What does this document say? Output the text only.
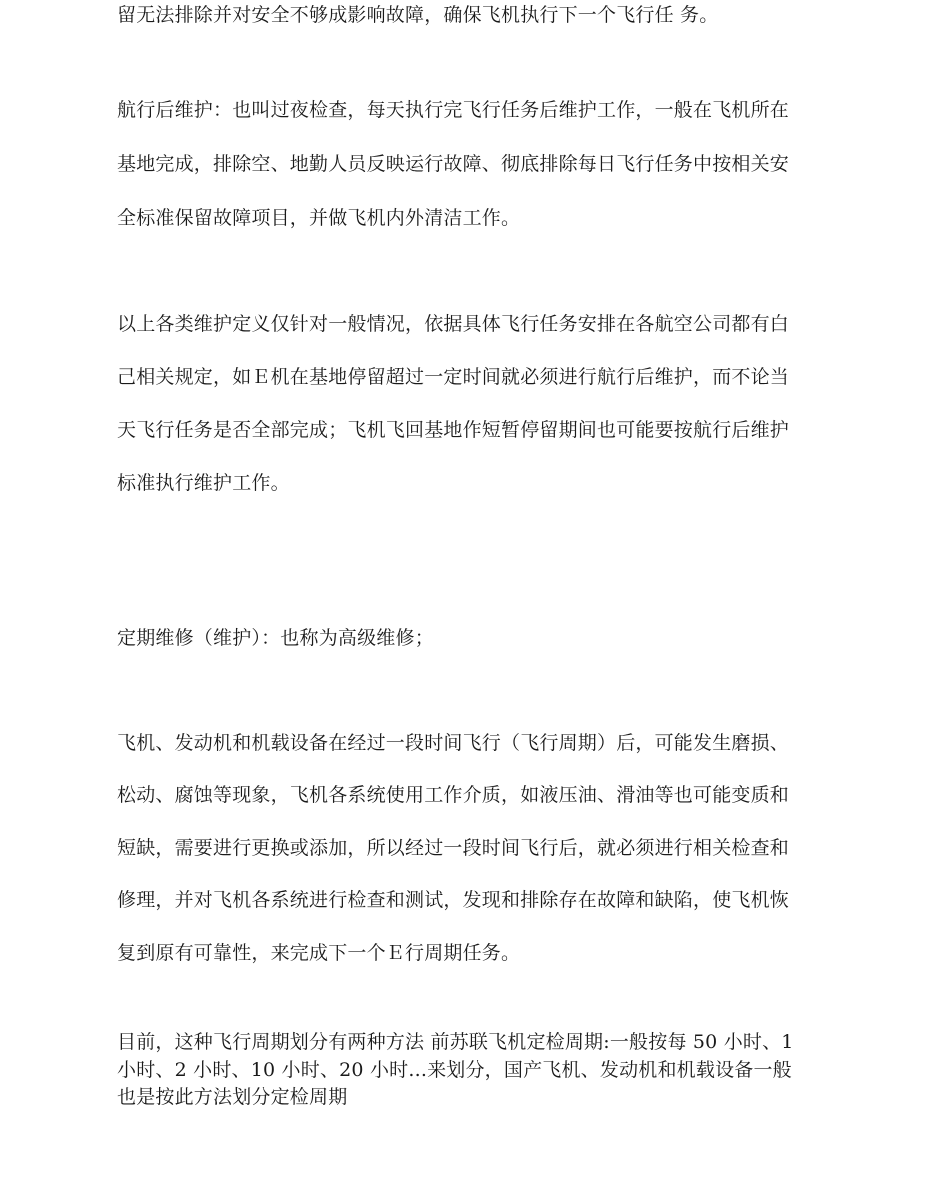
留无法排除并对安全不够成影响故障，确保飞机执行下一个飞行任 务。
航行后维护：也叫过夜检查，每天执行完飞行任务后维护工作，一般在飞机所在
基地完成，排除空、地勤人员反映运行故障、彻底排除每日飞行任务中按相关安
全标准保留故障项目，并做飞机内外清洁工作。
以上各类维护定义仅针对一般情况，依据具体飞行任务安排在各航空公司都有白
己相关规定，如Ｅ机在基地停留超过一定时间就必须进行航行后维护，而不论当
天飞行任务是否全部完成；飞机飞回基地作短暂停留期间也可能要按航行后维护
标准执行维护工作。
定期维修（维护）：也称为高级维修；
飞机、发动机和机载设备在经过一段时间飞行（飞行周期）后，可能发生磨损、
松动、腐蚀等现象，飞机各系统使用工作介质，如液压油、滑油等也可能变质和
短缺，需要进行更换或添加，所以经过一段时间飞行后，就必须进行相关检查和
修理，并对飞机各系统进行检查和测试，发现和排除存在故障和缺陷，使飞机恢
复到原有可靠性，来完成下一个Ｅ行周期任务。
目前，这种飞行周期划分有两种方法 前苏联飞机定检周期:一般按每 50 小时、1
小时、2 小时、10 小时、20 小时...来划分，国产飞机、发动机和机载设备一般
也是按此方法划分定检周期
